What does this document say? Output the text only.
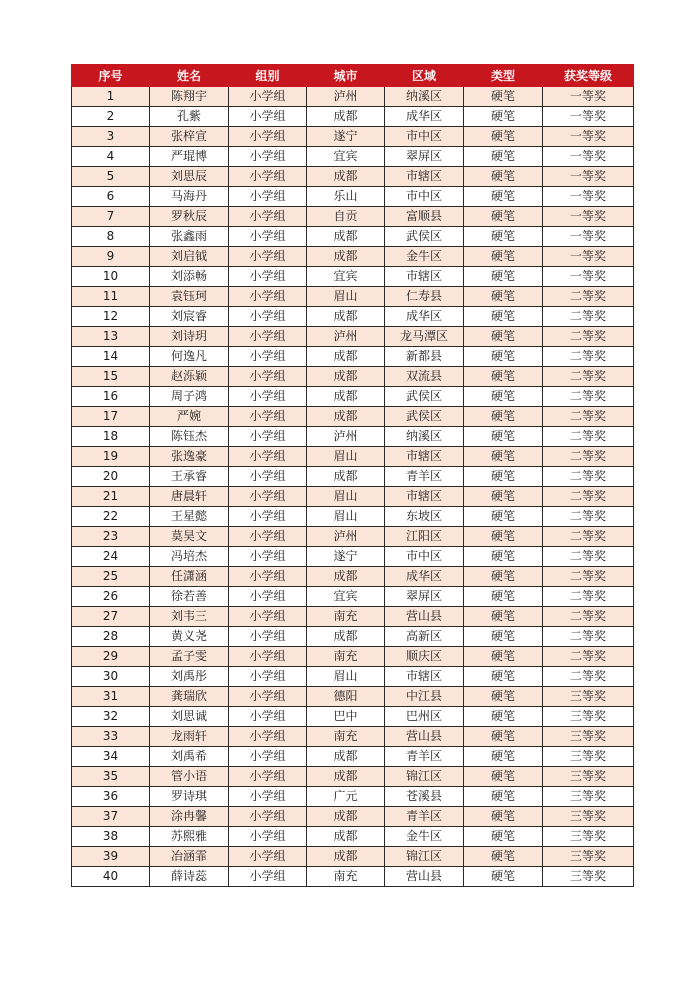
序号	姓名	组别	城市	区域	类型	获奖等级
1	陈翔宇	小学组	泸州	纳溪区	硬笔	一等奖
2	孔紫	小学组	成都	成华区	硬笔	一等奖
3	张梓宣	小学组	遂宁	市中区	硬笔	一等奖
4	严琨博	小学组	宜宾	翠屏区	硬笔	一等奖
5	刘思辰	小学组	成都	市辖区	硬笔	一等奖
6	马海丹	小学组	乐山	市中区	硬笔	一等奖
7	罗秋辰	小学组	自贡	富顺县	硬笔	一等奖
8	张鑫雨	小学组	成都	武侯区	硬笔	一等奖
9	刘启钺	小学组	成都	金牛区	硬笔	一等奖
10	刘添畅	小学组	宜宾	市辖区	硬笔	一等奖
11	袁钰珂	小学组	眉山	仁寿县	硬笔	二等奖
12	刘宸睿	小学组	成都	成华区	硬笔	二等奖
13	刘诗玥	小学组	泸州	龙马潭区	硬笔	二等奖
14	何逸凡	小学组	成都	新都县	硬笔	二等奖
15	赵泺颖	小学组	成都	双流县	硬笔	二等奖
16	周子鸿	小学组	成都	武侯区	硬笔	二等奖
17	严婉	小学组	成都	武侯区	硬笔	二等奖
18	陈钰杰	小学组	泸州	纳溪区	硬笔	二等奖
19	张逸豪	小学组	眉山	市辖区	硬笔	二等奖
20	王承睿	小学组	成都	青羊区	硬笔	二等奖
21	唐晨轩	小学组	眉山	市辖区	硬笔	二等奖
22	王星懿	小学组	眉山	东坡区	硬笔	二等奖
23	莫昊文	小学组	泸州	江阳区	硬笔	二等奖
24	冯培杰	小学组	遂宁	市中区	硬笔	二等奖
25	任潇涵	小学组	成都	成华区	硬笔	二等奖
26	徐若善	小学组	宜宾	翠屏区	硬笔	二等奖
27	刘韦三	小学组	南充	营山县	硬笔	二等奖
28	黄义尧	小学组	成都	高新区	硬笔	二等奖
29	孟子雯	小学组	南充	顺庆区	硬笔	二等奖
30	刘禹彤	小学组	眉山	市辖区	硬笔	二等奖
31	龚瑞欣	小学组	德阳	中江县	硬笔	三等奖
32	刘思诚	小学组	巴中	巴州区	硬笔	三等奖
33	龙雨轩	小学组	南充	营山县	硬笔	三等奖
34	刘禹希	小学组	成都	青羊区	硬笔	三等奖
35	管小语	小学组	成都	锦江区	硬笔	三等奖
36	罗诗琪	小学组	广元	苍溪县	硬笔	三等奖
37	涂冉馨	小学组	成都	青羊区	硬笔	三等奖
38	苏熙雅	小学组	成都	金牛区	硬笔	三等奖
39	冶涵霏	小学组	成都	锦江区	硬笔	三等奖
40	薛诗蕊	小学组	南充	营山县	硬笔	三等奖
